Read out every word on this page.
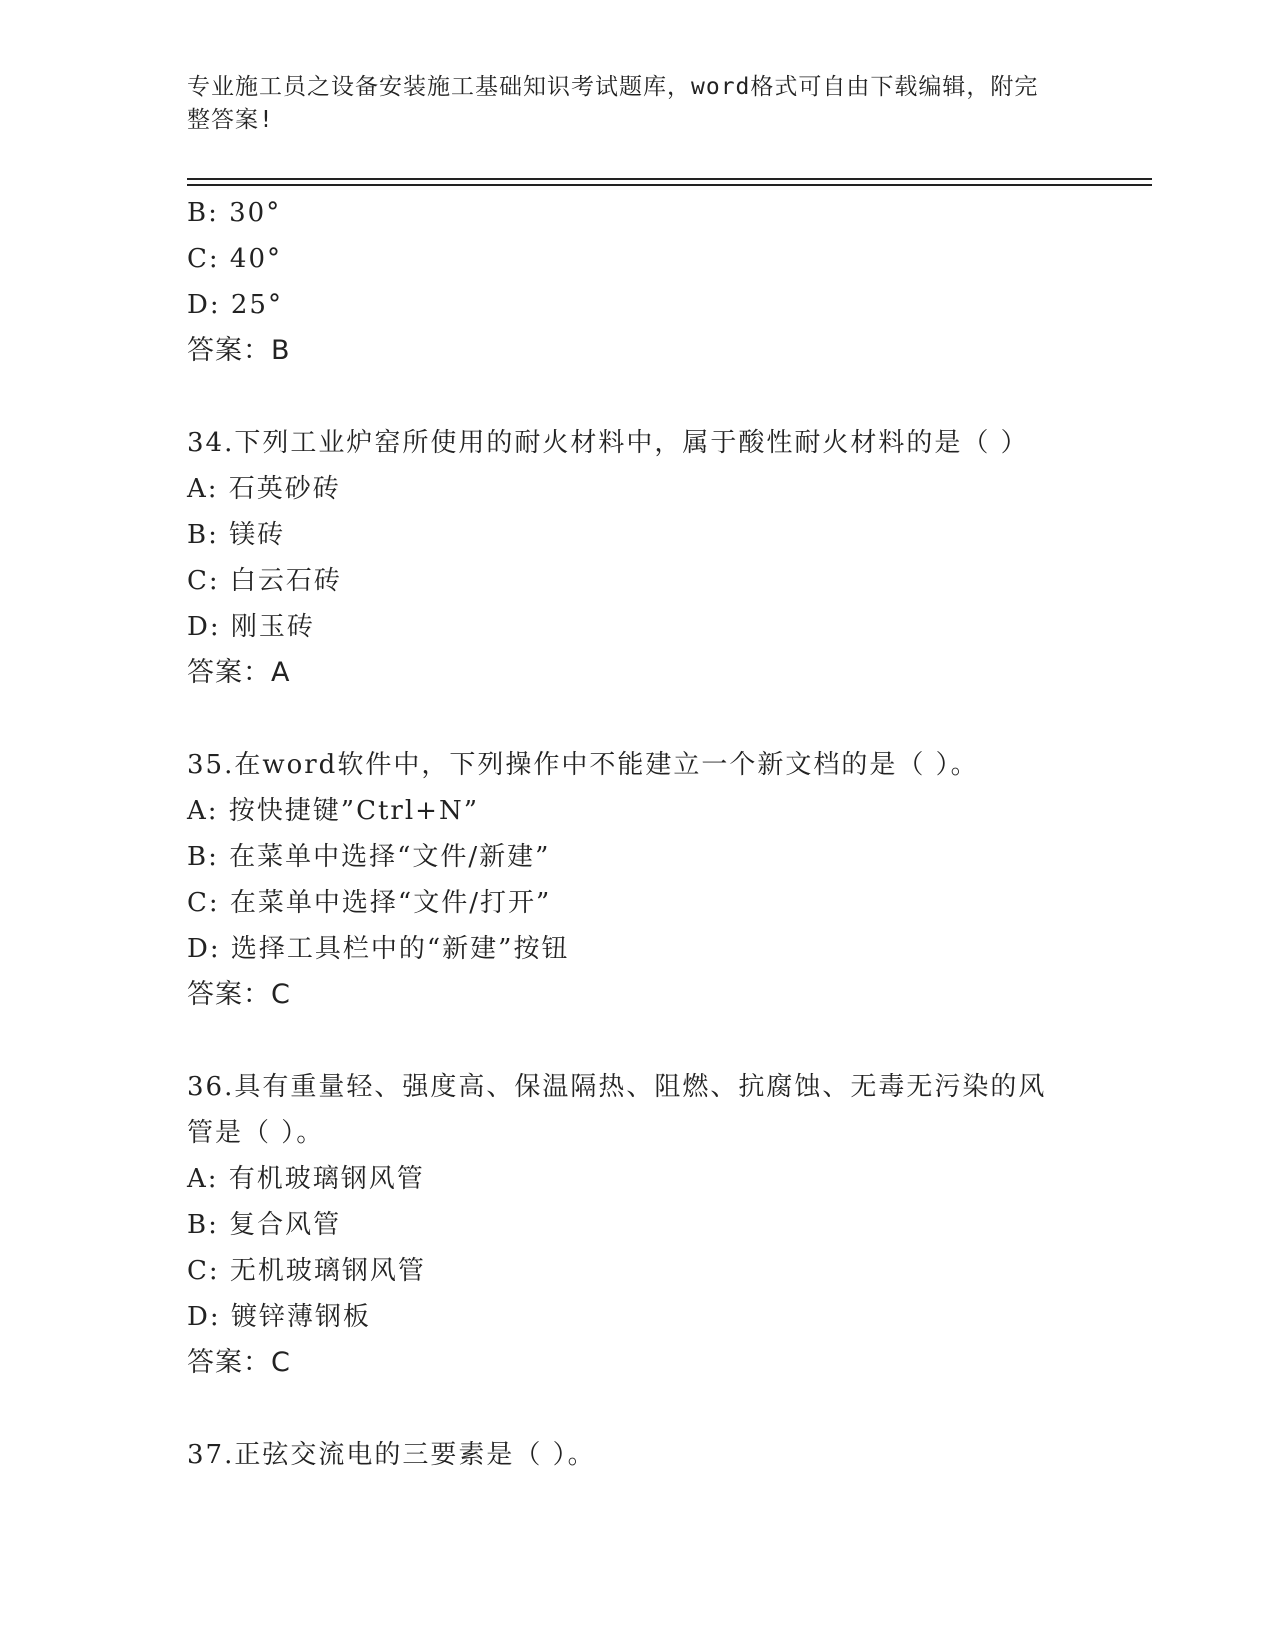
专业施工员之设备安装施工基础知识考试题库，word格式可自由下载编辑，附完
整答案!
B: 30°
C: 40°
D: 25°
答案：B
34.下列工业炉窑所使用的耐火材料中，属于酸性耐火材料的是（ ）
A: 石英砂砖
B: 镁砖
C: 白云石砖
D: 刚玉砖
答案：A
35.在word软件中，下列操作中不能建立一个新文档的是（ ）。
A: 按快捷键”Ctrl+N”
B: 在菜单中选择“文件/新建”
C: 在菜单中选择“文件/打开”
D: 选择工具栏中的“新建”按钮
答案：C
36.具有重量轻、强度高、保温隔热、阻燃、抗腐蚀、无毒无污染的风
管是（ ）。
A: 有机玻璃钢风管
B: 复合风管
C: 无机玻璃钢风管
D: 镀锌薄钢板
答案：C
37.正弦交流电的三要素是（ ）。
